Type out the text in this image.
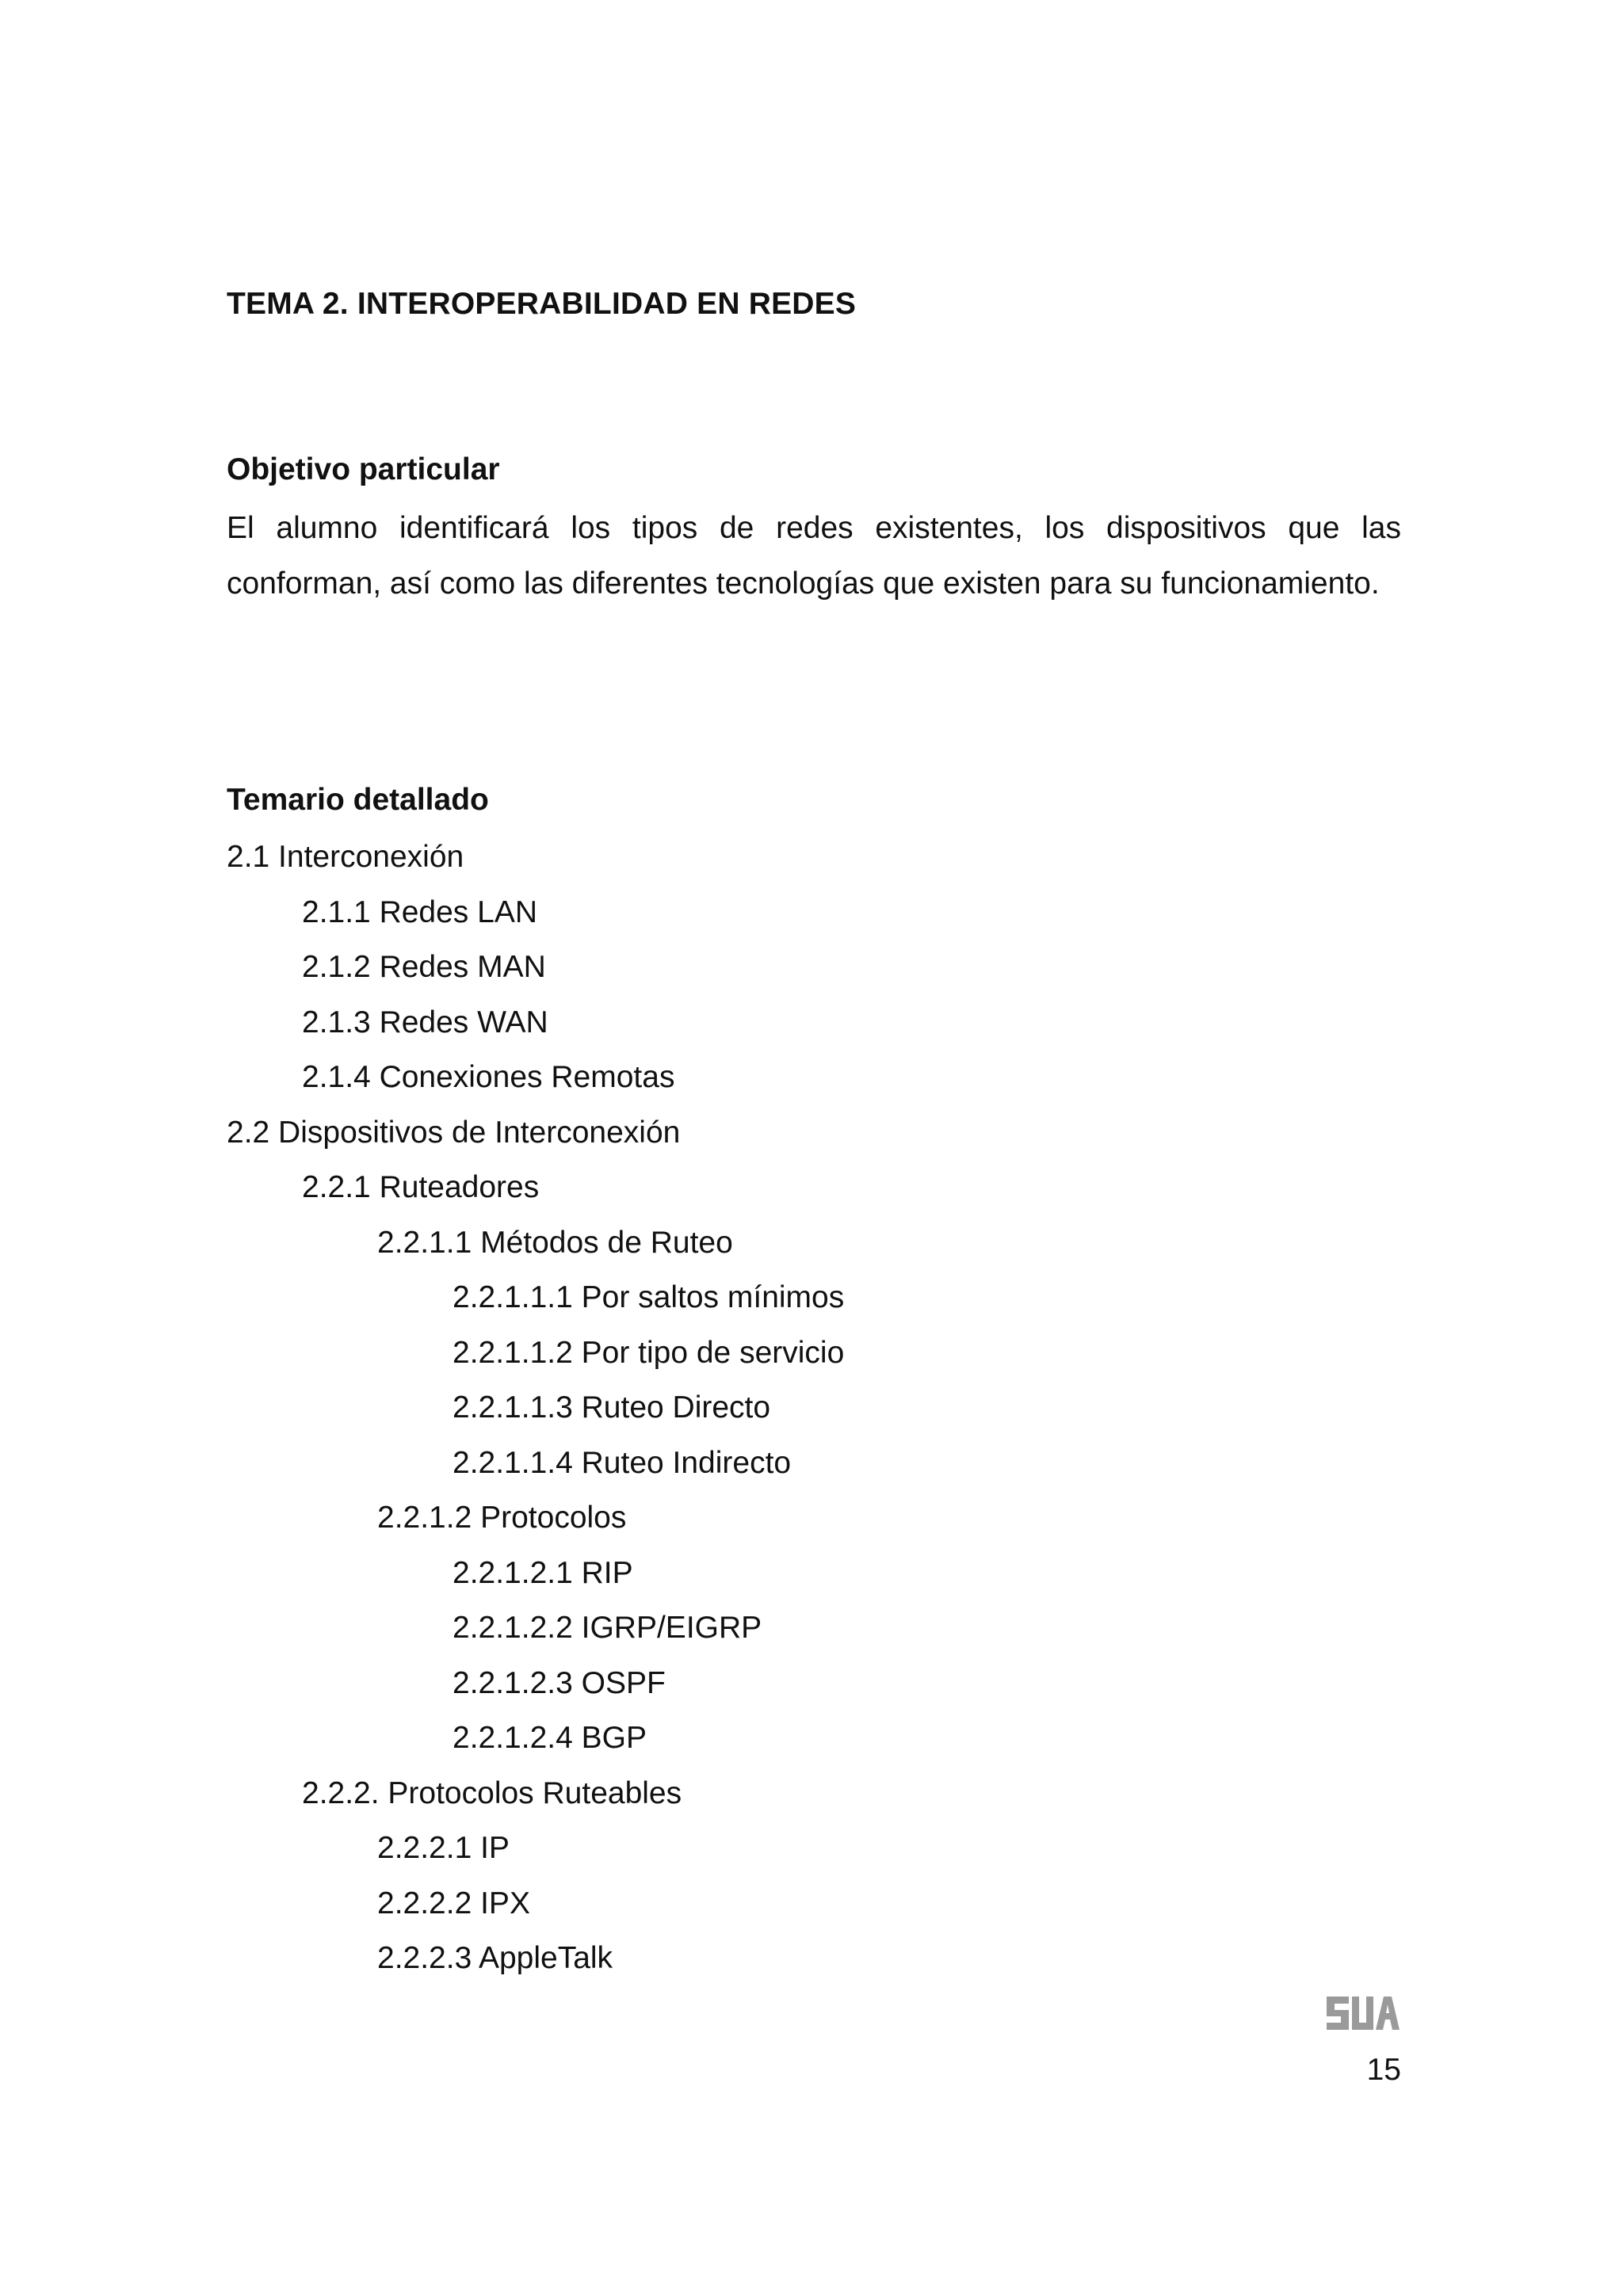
TEMA 2. INTEROPERABILIDAD EN REDES
Objetivo particular

El alumno identificará los tipos de redes existentes, los dispositivos que las conforman, así como las diferentes tecnologías que existen para su funcionamiento.

Temario detallado
2.1 Interconexión
2.1.1 Redes LAN
2.1.2 Redes MAN
2.1.3 Redes WAN
2.1.4 Conexiones Remotas
2.2 Dispositivos de Interconexión
2.2.1 Ruteadores
2.2.1.1 Métodos de Ruteo
2.2.1.1.1 Por saltos mínimos
2.2.1.1.2 Por tipo de servicio
2.2.1.1.3 Ruteo Directo
2.2.1.1.4 Ruteo Indirecto
2.2.1.2 Protocolos
2.2.1.2.1 RIP
2.2.1.2.2 IGRP/EIGRP
2.2.1.2.3 OSPF
2.2.1.2.4 BGP
2.2.2. Protocolos Ruteables
2.2.2.1 IP
2.2.2.2 IPX
2.2.2.3 AppleTalk
15
